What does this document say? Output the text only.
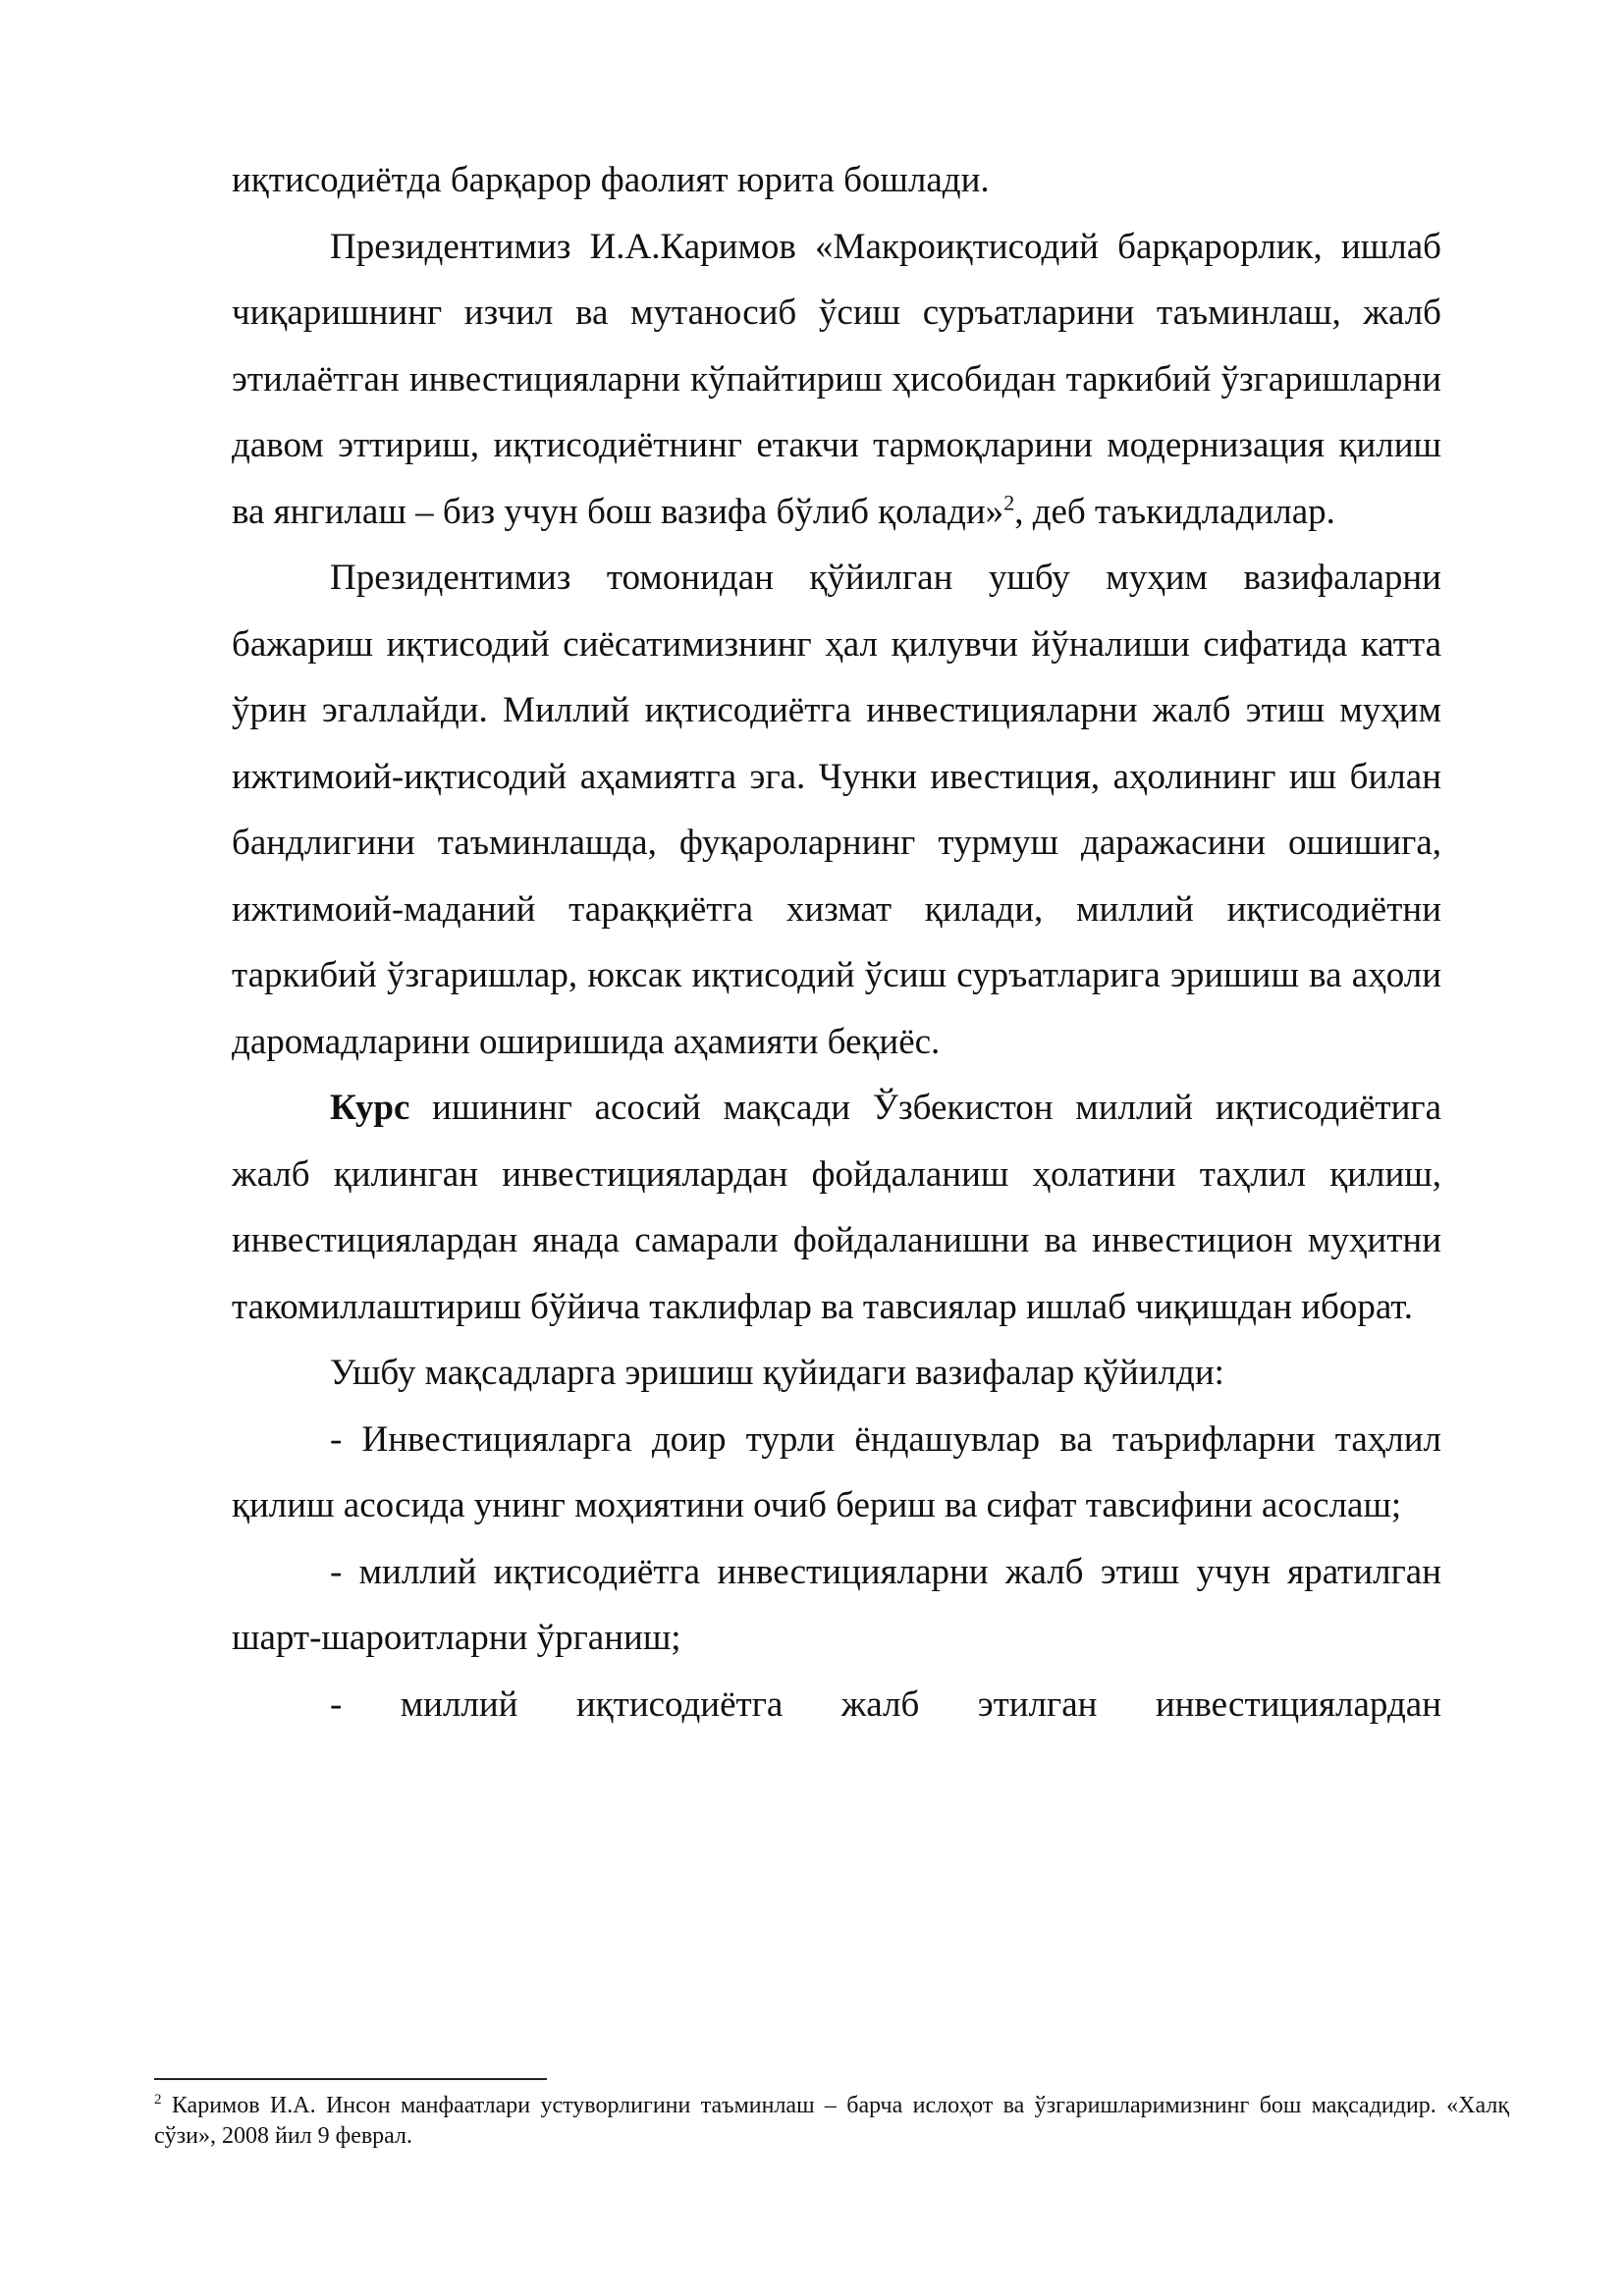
иқтисодиётда барқарор фаолият юрита бошлади.

Президентимиз И.А.Каримов «Макроиқтисодий барқарорлик, ишлаб чиқаришнинг изчил ва мутаносиб ўсиш суръатларини таъминлаш, жалб этилаётган инвестицияларни кўпайтириш ҳисобидан таркибий ўзгаришларни давом эттириш, иқтисодиётнинг етакчи тармоқларини модернизация қилиш ва янгилаш – биз учун бош вазифа бўлиб қолади»$^2$, деб таъкидладилар.

Президентимиз томонидан қўйилган ушбу муҳим вазифаларни бажариш иқтисодий сиёсатимизнинг ҳал қилувчи йўналиши сифатида катта ўрин эгаллайди. Миллий иқтисодиётга инвестицияларни жалб этиш муҳим ижтимоий-иқтисодий аҳамиятга эга. Чунки ивестиция, аҳолининг иш билан бандлигини таъминлашда, фуқароларнинг турмуш даражасини ошишига, ижтимоий-маданий тараққиётга хизмат қилади, миллий иқтисодиётни таркибий ўзгаришлар, юксак иқтисодий ўсиш суръатларига эришиш ва аҳоли даромадларини оширишида аҳамияти беқиёс.

Курс ишининг асосий мақсади Ўзбекистон миллий иқтисодиётига жалб қилинган инвестициялардан фойдаланиш ҳолатини таҳлил қилиш, инвестициялардан янада самарали фойдаланишни ва инвестицион муҳитни такомиллаштириш бўйича таклифлар ва тавсиялар ишлаб чиқишдан иборат.

Ушбу мақсадларга эришиш қуйидаги вазифалар қўйилди:

- Инвестицияларга доир турли ёндашувлар ва таърифларни таҳлил қилиш асосида унинг моҳиятини очиб бериш ва сифат тавсифини асослаш;

- миллий иқтисодиётга инвестицияларни жалб этиш учун яратилган шарт-шароитларни ўрганиш;

- миллий иқтисодиётга жалб этилган инвестициялардан

$^2$ Каримов И.А. Инсон манфаатлари устуворлигини таъминлаш – барча ислоҳот ва ўзгаришларимизнинг бош мақсадидир. «Халқ сўзи», 2008 йил 9 феврал.
